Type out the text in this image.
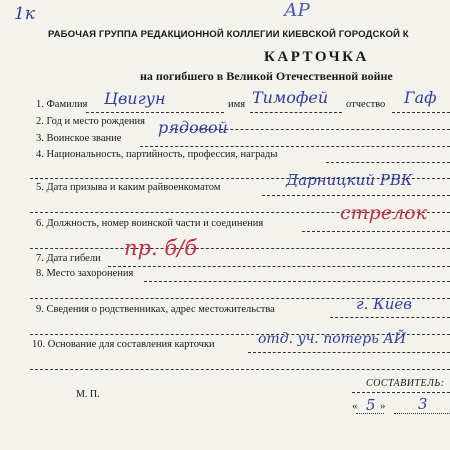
1к	АР
РАБОЧАЯ ГРУППА РЕДАКЦИОННОЙ КОЛЛЕГИИ КИЕВСКОЙ ГОРОДСКОЙ К
КАРТОЧКА
на погибшего в Великой Отечественной войне
1. Фамилия Цвигун	имя Тимофей отчество Гаф
2. Год и место рождения
3. Воинское звание
рядовой
4. Национальность, партийность, профессия, награды
5. Дата призыва и каким райвоенкоматом	Дарницкий РВК
6. Должность, номер воинской части и соединения	стрелок
7. Дата гибели пр. б/б
8. Место захоронения
9. Сведения о родственниках, адрес местожительства	г. Киев
10. Основание для составления карточки	отд. уч. потерь АЙ
М. П.
СОСТАВИТЕЛЬ:
« 5 » 3
